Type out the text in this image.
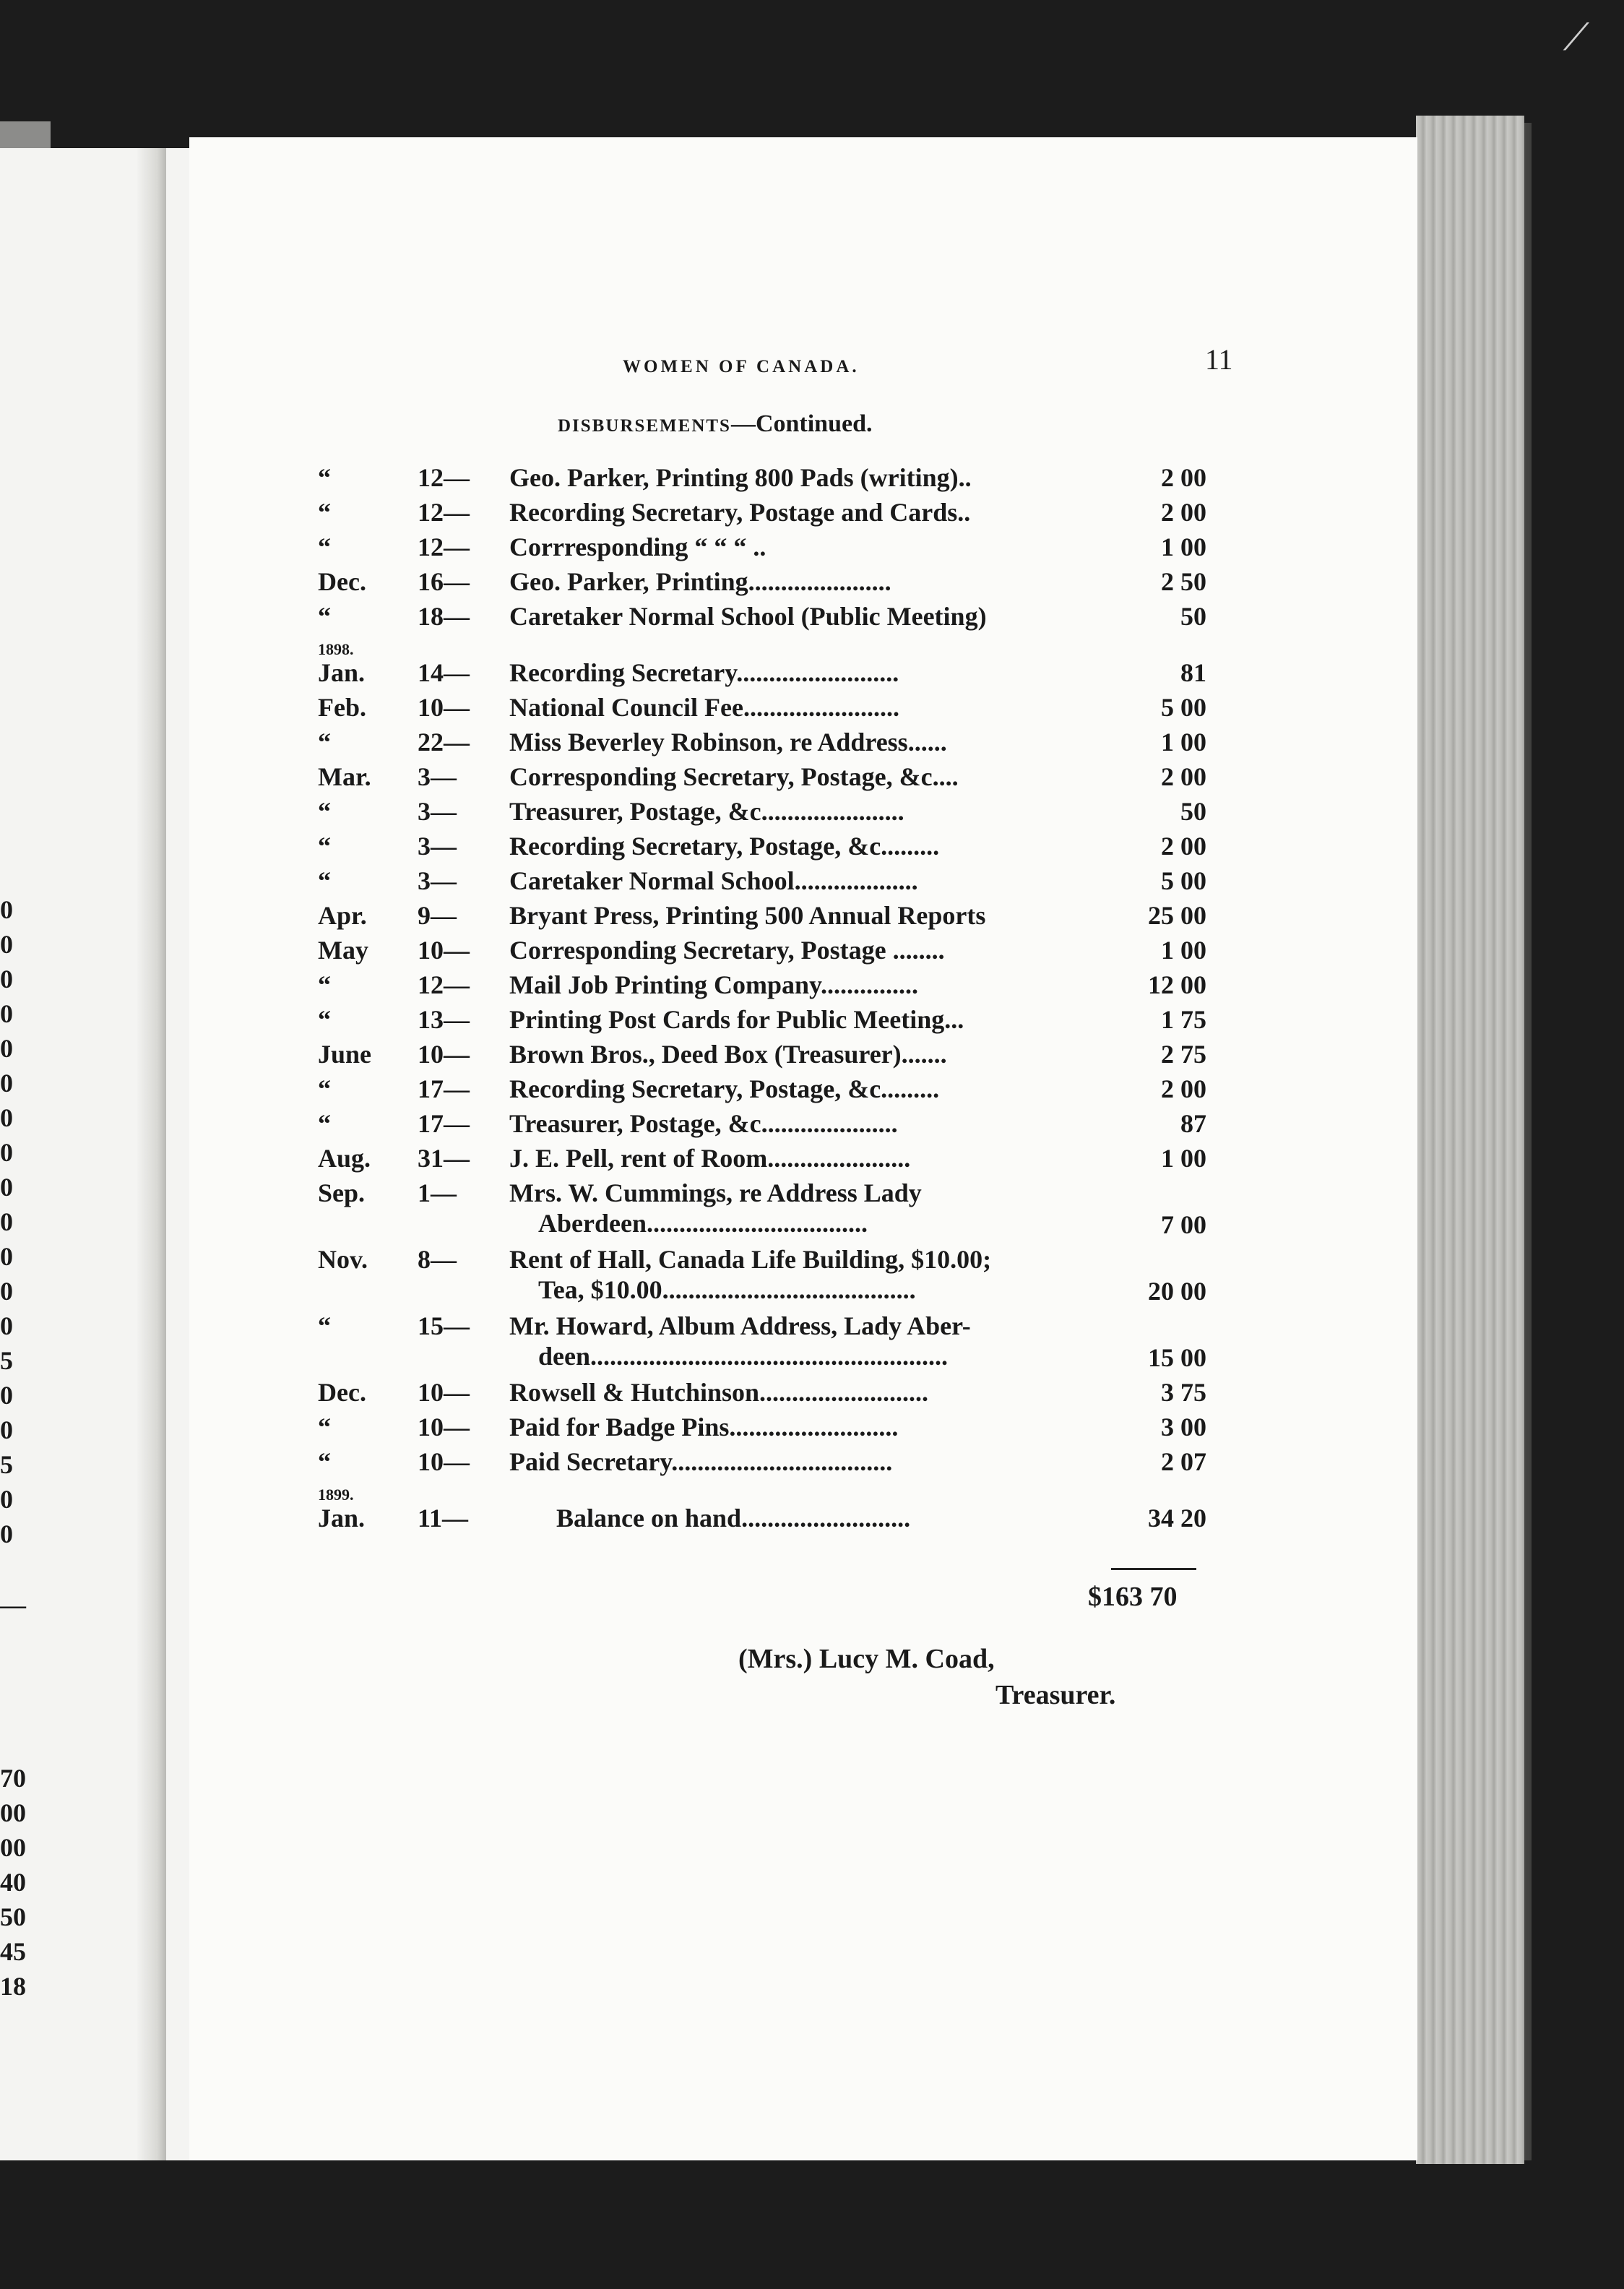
⟋
0
0
0
0
0
0
0
0
0
0
0
0
0
5
0
0
5
0
0
—
70
00
00
40
50
45
18
WOMEN OF CANADA.	11
DISBURSEMENTS—Continued.
“	12—	Geo. Parker, Printing 800 Pads (writing)..	2 00
“	12—	Recording Secretary, Postage and Cards..	2 00
“	12—	Corrresponding “ “ “ ..	1 00
Dec.	16—	Geo. Parker, Printing......................	2 50
“	18—	Caretaker Normal School (Public Meeting)	50
1898.
Jan.	14—	Recording Secretary.........................	81
Feb.	10—	National Council Fee........................	5 00
“	22—	Miss Beverley Robinson, re Address......	1 00
Mar.	3—	Corresponding Secretary, Postage, &c....	2 00
“	3—	Treasurer, Postage, &c......................	50
“	3—	Recording Secretary, Postage, &c.........	2 00
“	3—	Caretaker Normal School...................	5 00
Apr.	9—	Bryant Press, Printing 500 Annual Reports	25 00
May	10—	Corresponding Secretary, Postage ........	1 00
“	12—	Mail Job Printing Company...............	12 00
“	13—	Printing Post Cards for Public Meeting...	1 75
June	10—	Brown Bros., Deed Box (Treasurer).......	2 75
“	17—	Recording Secretary, Postage, &c.........	2 00
“	17—	Treasurer, Postage, &c.....................	87
Aug.	31—	J. E. Pell, rent of Room......................	1 00
Sep.	1—	Mrs. W. Cummings, re Address Lady
Aberdeen..................................	7 00
Nov.	8—	Rent of Hall, Canada Life Building, $10.00;
Tea, $10.00.......................................	20 00
“	15—	Mr. Howard, Album Address, Lady Aber-
deen.......................................................	15 00
Dec.	10—	Rowsell & Hutchinson..........................	3 75
“	10—	Paid for Badge Pins..........................	3 00
“	10—	Paid Secretary..................................	2 07
1899.
Jan.	11—	Balance on hand..........................	34 20
$163 70
(Mrs.) Lucy M. Coad,
Treasurer.
